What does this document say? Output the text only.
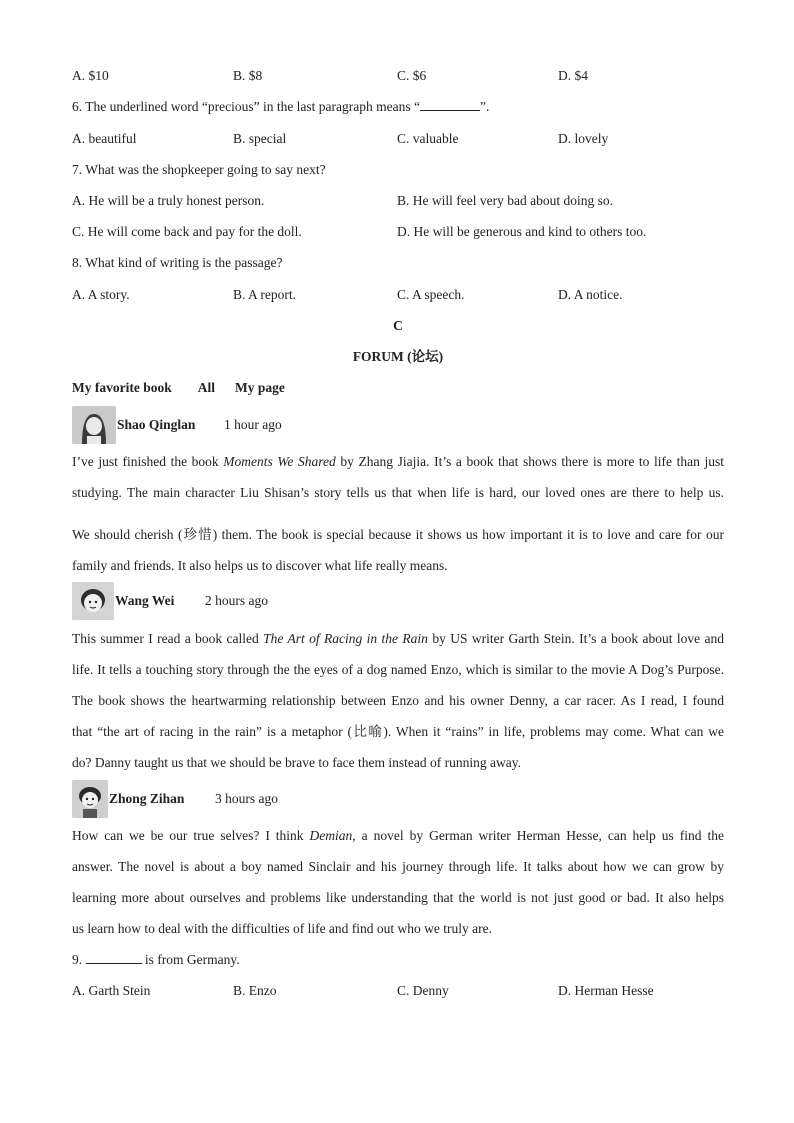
A. $10	B. $8	C. $6	D. $4
6. The underlined word “precious” in the last paragraph means “	”.
A. beautiful	B. special	C. valuable	D. lovely
7. What was the shopkeeper going to say next?
A. He will be a truly honest person.	B. He will feel very bad about doing so.
C. He will come back and pay for the doll.	D. He will be generous and kind to others too.
8. What kind of writing is the passage?
A. A story.	B. A report.	C. A speech.	D. A notice.
C
FORUM (论坛)
My favorite book All My page
Shao Qinglan 1 hour ago
I’ve just finished the book Moments We Shared by Zhang Jiajia. It’s a book that shows there is more to life than just
studying. The main character Liu Shisan’s story tells us that when life is hard, our loved ones are there to help us.
We should cherish (珍惜) them. The book is special because it shows us how important it is to love and care for our
family and friends. It also helps us to discover what life really means.
Wang Wei 2 hours ago
This summer I read a book called The Art of Racing in the Rain by US writer Garth Stein. It’s a book about love and
life. It tells a touching story through the the eyes of a dog named Enzo, which is similar to the movie A Dog’s Purpose.
The book shows the heartwarming relationship between Enzo and his owner Denny, a car racer. As I read, I found
that “the art of racing in the rain” is a metaphor (比喻). When it “rains” in life, problems may come. What can we
do? Danny taught us that we should be brave to face them instead of running away.
Zhong Zihan 3 hours ago
How can we be our true selves? I think Demian, a novel by German writer Herman Hesse, can help us find the
answer. The novel is about a boy named Sinclair and his journey through life. It talks about how we can grow by
learning more about ourselves and problems like understanding that the world is not just good or bad. It also helps
us learn how to deal with the difficulties of life and find out who we truly are.
9.	is from Germany.
A. Garth Stein	B. Enzo	C. Denny	D. Herman Hesse
